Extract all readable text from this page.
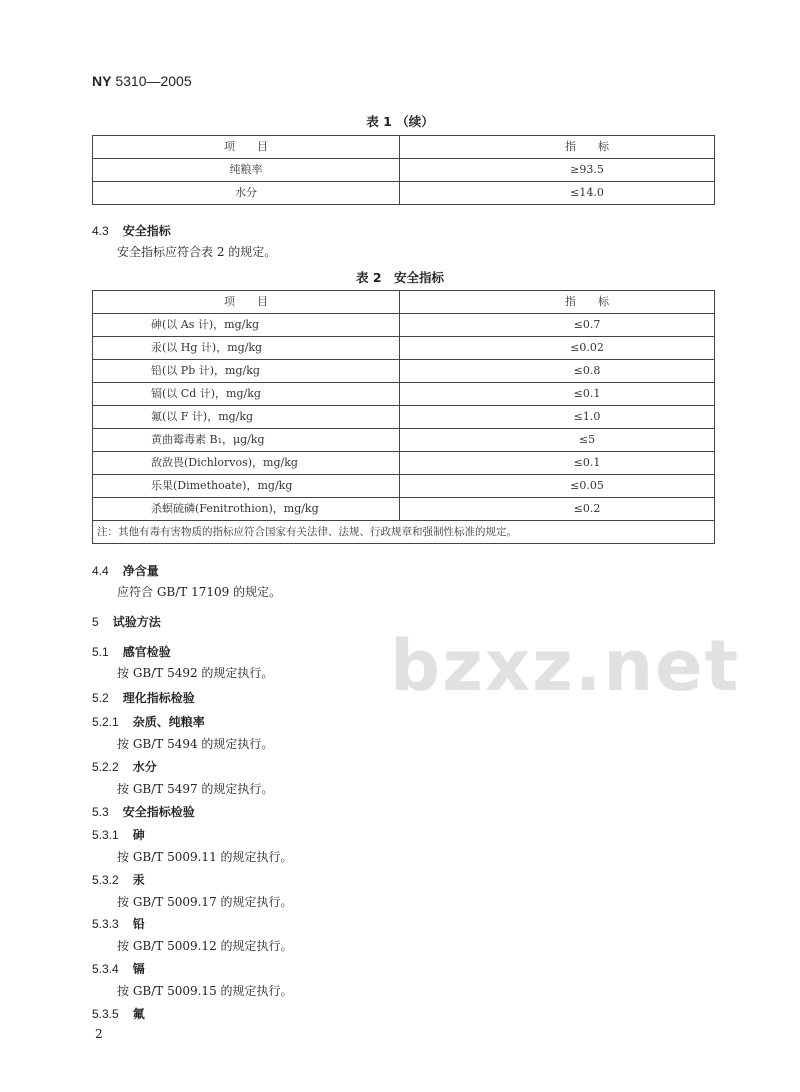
NY 5310—2005
表 1 （续）
项　　目	指　　标
纯粮率	≥93.5
水分	≤14.0
4.3 安全指标
安全指标应符合表 2 的规定。
表 2　安全指标
项　　目	指　　标
砷(以 As 计)，mg/kg	≤0.7
汞(以 Hg 计)，mg/kg	≤0.02
铅(以 Pb 计)，mg/kg	≤0.8
镉(以 Cd 计)，mg/kg	≤0.1
氟(以 F 计)，mg/kg	≤1.0
黄曲霉毒素 B₁，μg/kg	≤5
敌敌畏(Dichlorvos)，mg/kg	≤0.1
乐果(Dimethoate)，mg/kg	≤0.05
杀螟硫磷(Fenitrothion)，mg/kg	≤0.2
注：其他有毒有害物质的指标应符合国家有关法律、法规、行政规章和强制性标准的规定。	
4.4 净含量
应符合 GB/T 17109 的规定。
5 试验方法
5.1 感官检验
按 GB/T 5492 的规定执行。
5.2 理化指标检验
5.2.1 杂质、纯粮率
按 GB/T 5494 的规定执行。
5.2.2 水分
按 GB/T 5497 的规定执行。
5.3 安全指标检验
5.3.1 砷
按 GB/T 5009.11 的规定执行。
5.3.2 汞
按 GB/T 5009.17 的规定执行。
5.3.3 铅
按 GB/T 5009.12 的规定执行。
5.3.4 镉
按 GB/T 5009.15 的规定执行。
5.3.5 氟
bzxz.net
2
